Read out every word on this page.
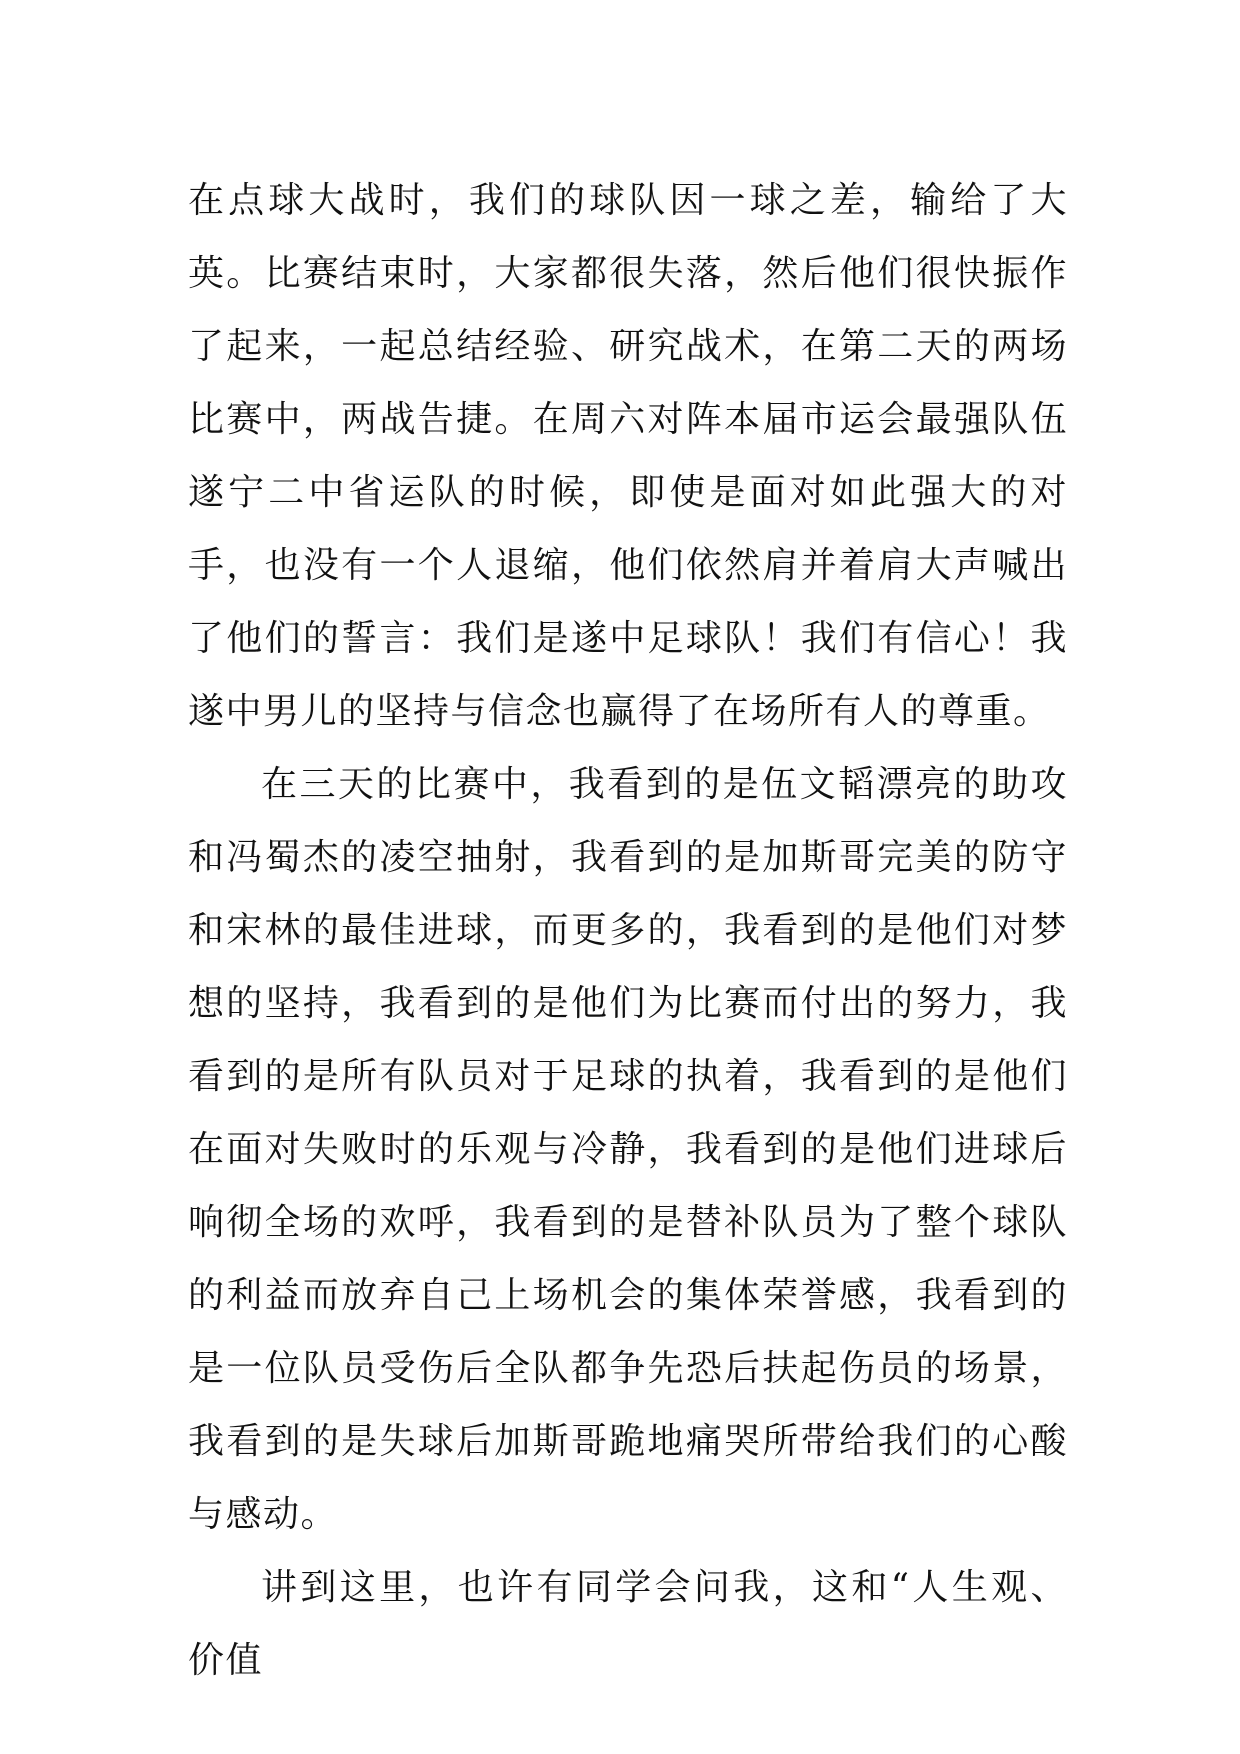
在点球大战时，我们的球队因一球之差，输给了大英。比赛结束时，大家都很失落，然后他们很快振作了起来，一起总结经验、研究战术，在第二天的两场比赛中，两战告捷。在周六对阵本届市运会最强队伍遂宁二中省运队的时候，即使是面对如此强大的对手，也没有一个人退缩，他们依然肩并着肩大声喊出了他们的誓言：我们是遂中足球队！我们有信心！我遂中男儿的坚持与信念也赢得了在场所有人的尊重。

在三天的比赛中，我看到的是伍文韬漂亮的助攻和冯蜀杰的凌空抽射，我看到的是加斯哥完美的防守和宋林的最佳进球，而更多的，我看到的是他们对梦想的坚持，我看到的是他们为比赛而付出的努力，我看到的是所有队员对于足球的执着，我看到的是他们在面对失败时的乐观与冷静，我看到的是他们进球后响彻全场的欢呼，我看到的是替补队员为了整个球队的利益而放弃自己上场机会的集体荣誉感，我看到的是一位队员受伤后全队都争先恐后扶起伤员的场景，我看到的是失球后加斯哥跪地痛哭所带给我们的心酸与感动。

讲到这里，也许有同学会问我，这和“人生观、价值
